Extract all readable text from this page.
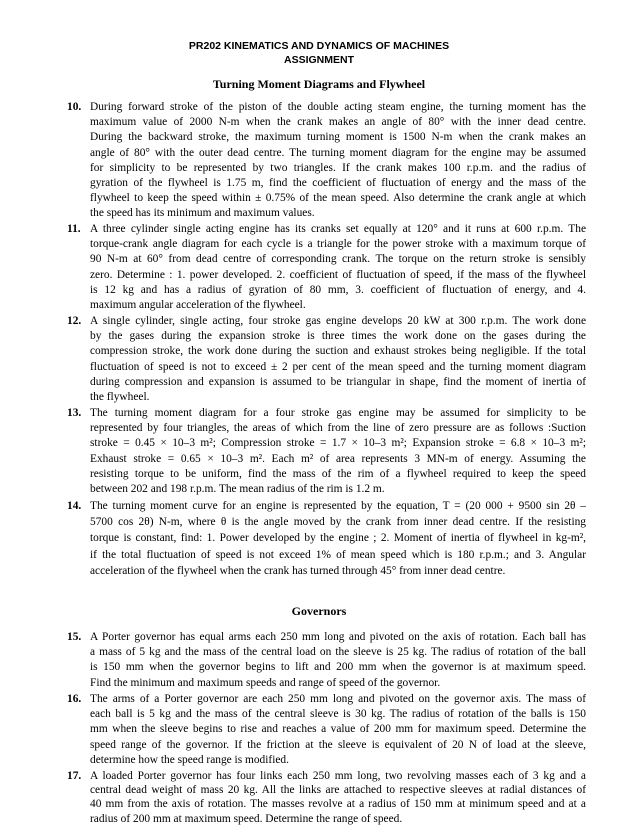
PR202 KINEMATICS AND DYNAMICS OF MACHINES
ASSIGNMENT
Turning Moment Diagrams and Flywheel
10. During forward stroke of the piston of the double acting steam engine, the turning moment has the
maximum value of 2000 N-m when the crank makes an angle of 80° with the inner dead centre.
During the backward stroke, the maximum turning moment is 1500 N-m when the crank makes an
angle of 80° with the outer dead centre. The turning moment diagram for the engine may be assumed
for simplicity to be represented by two triangles. If the crank makes 100 r.p.m. and the radius of
gyration of the flywheel is 1.75 m, find the coefficient of fluctuation of energy and the mass of the
flywheel to keep the speed within ± 0.75% of the mean speed. Also determine the crank angle at which
the speed has its minimum and maximum values.
11. A three cylinder single acting engine has its cranks set equally at 120° and it runs at 600 r.p.m. The
torque-crank angle diagram for each cycle is a triangle for the power stroke with a maximum torque of
90 N-m at 60° from dead centre of corresponding crank. The torque on the return stroke is sensibly
zero. Determine : 1. power developed. 2. coefficient of fluctuation of speed, if the mass of the flywheel
is 12 kg and has a radius of gyration of 80 mm, 3. coefficient of fluctuation of energy, and 4.
maximum angular acceleration of the flywheel.
12. A single cylinder, single acting, four stroke gas engine develops 20 kW at 300 r.p.m. The work done
by the gases during the expansion stroke is three times the work done on the gases during the
compression stroke, the work done during the suction and exhaust strokes being negligible. If the total
fluctuation of speed is not to exceed ± 2 per cent of the mean speed and the turning moment diagram
during compression and expansion is assumed to be triangular in shape, find the moment of inertia of
the flywheel.
13. The turning moment diagram for a four stroke gas engine may be assumed for simplicity to be
represented by four triangles, the areas of which from the line of zero pressure are as follows :Suction
stroke = 0.45 × 10–3 m²; Compression stroke = 1.7 × 10–3 m²; Expansion stroke = 6.8 × 10–3 m²;
Exhaust stroke = 0.65 × 10–3 m². Each m² of area represents 3 MN-m of energy. Assuming the
resisting torque to be uniform, find the mass of the rim of a flywheel required to keep the speed
between 202 and 198 r.p.m. The mean radius of the rim is 1.2 m.
14. The turning moment curve for an engine is represented by the equation, T = (20 000 + 9500 sin 2θ –
5700 cos 2θ) N-m, where θ is the angle moved by the crank from inner dead centre. If the resisting
torque is constant, find: 1. Power developed by the engine ; 2. Moment of inertia of flywheel in kg-m²,
if the total fluctuation of speed is not exceed 1% of mean speed which is 180 r.p.m.; and 3. Angular
acceleration of the flywheel when the crank has turned through 45° from inner dead centre.
Governors
15. A Porter governor has equal arms each 250 mm long and pivoted on the axis of rotation. Each ball has
a mass of 5 kg and the mass of the central load on the sleeve is 25 kg. The radius of rotation of the ball
is 150 mm when the governor begins to lift and 200 mm when the governor is at maximum speed.
Find the minimum and maximum speeds and range of speed of the governor.
16. The arms of a Porter governor are each 250 mm long and pivoted on the governor axis. The mass of
each ball is 5 kg and the mass of the central sleeve is 30 kg. The radius of rotation of the balls is 150
mm when the sleeve begins to rise and reaches a value of 200 mm for maximum speed. Determine the
speed range of the governor. If the friction at the sleeve is equivalent of 20 N of load at the sleeve,
determine how the speed range is modified.
17. A loaded Porter governor has four links each 250 mm long, two revolving masses each of 3 kg and a
central dead weight of mass 20 kg. All the links are attached to respective sleeves at radial distances of
40 mm from the axis of rotation. The masses revolve at a radius of 150 mm at minimum speed and at a
radius of 200 mm at maximum speed. Determine the range of speed.
